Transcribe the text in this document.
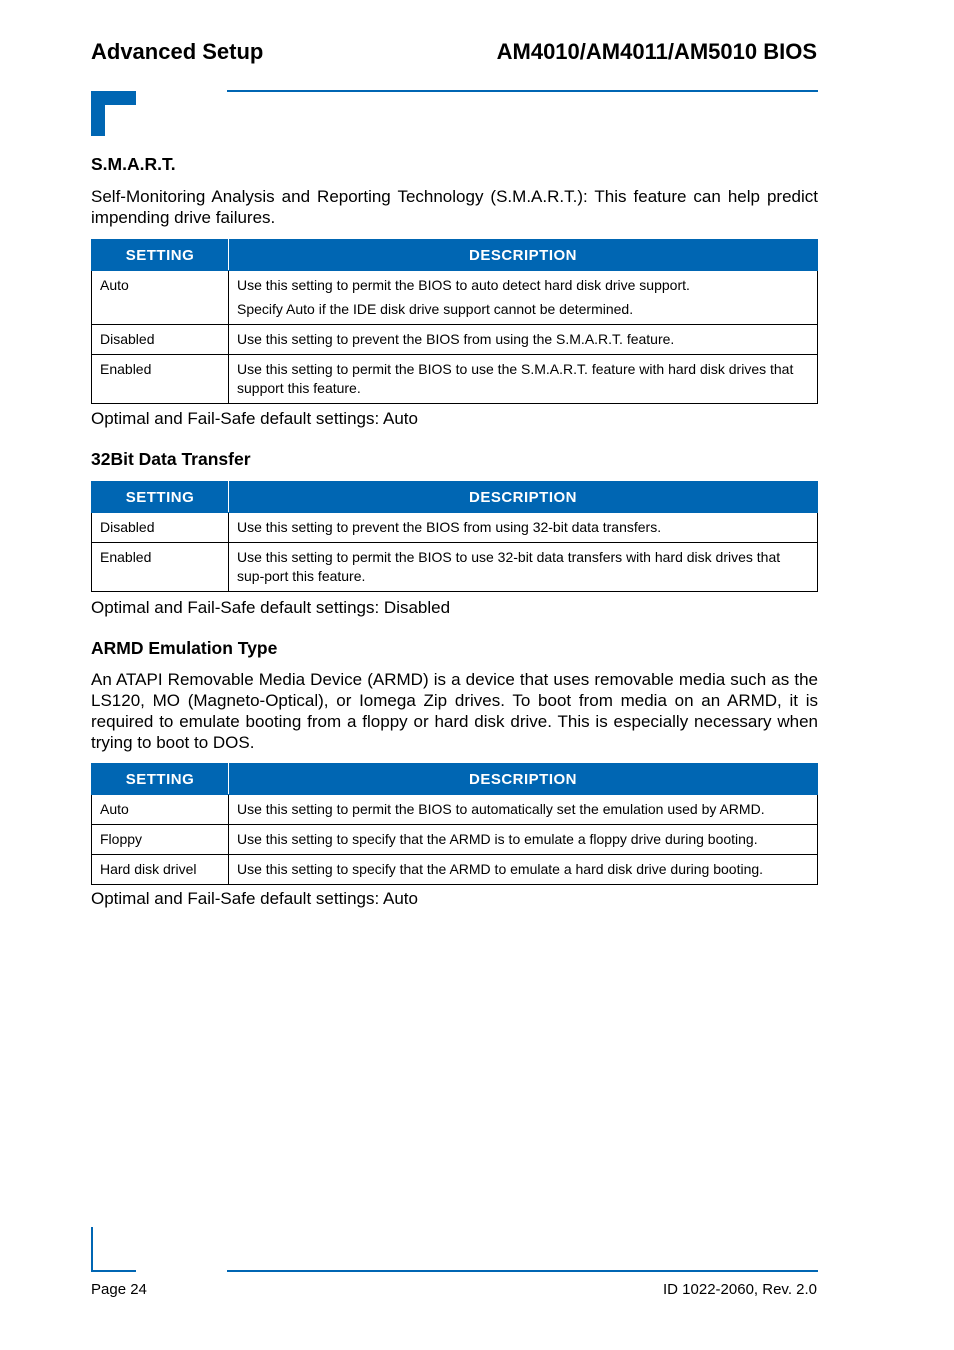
Advanced Setup	AM4010/AM4011/AM5010 BIOS
S.M.A.R.T.

Self-Monitoring Analysis and Reporting Technology (S.M.A.R.T.): This feature can help predict impending drive failures.

SETTING	DESCRIPTION
Auto	Use this setting to permit the BIOS to auto detect hard disk drive support.
Specify Auto if the IDE disk drive support cannot be determined.

Disabled	Use this setting to prevent the BIOS from using the S.M.A.R.T. feature.
Enabled	Use this setting to permit the BIOS to use the S.M.A.R.T. feature with hard disk drives that support this feature.

Optimal and Fail-Safe default settings: Auto

32Bit Data Transfer
SETTING	DESCRIPTION
Disabled	Use this setting to prevent the BIOS from using 32-bit data transfers.
Enabled	Use this setting to permit the BIOS to use 32-bit data transfers with hard disk drives that sup-port this feature.

Optimal and Fail-Safe default settings: Disabled

ARMD Emulation Type

An ATAPI Removable Media Device (ARMD) is a device that uses removable media such as the LS120, MO (Magneto-Optical), or Iomega Zip drives. To boot from media on an ARMD, it is required to emulate booting from a floppy or hard disk drive. This is especially necessary when trying to boot to DOS.

SETTING	DESCRIPTION
Auto	Use this setting to permit the BIOS to automatically set the emulation used by ARMD.
Floppy	Use this setting to specify that the ARMD is to emulate a floppy drive during booting.
Hard disk drivel	Use this setting to specify that the ARMD to emulate a hard disk drive during booting.

Optimal and Fail-Safe default settings: Auto

Page 24	ID 1022-2060, Rev. 2.0
